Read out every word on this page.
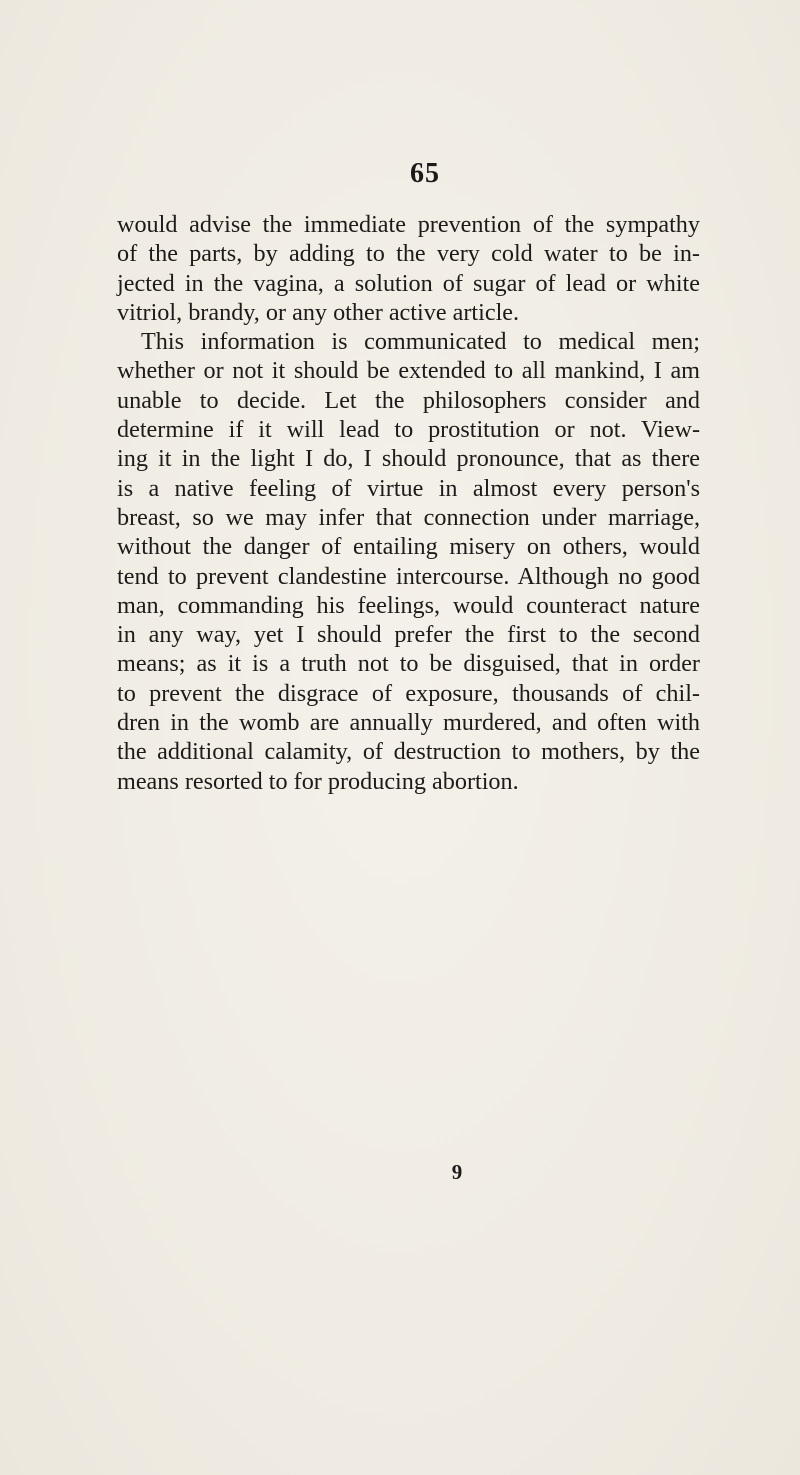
65
would advise the immediate prevention of the sympathy
of the parts, by adding to the very cold water to be in-
jected in the vagina, a solution of sugar of lead or white
vitriol, brandy, or any other active article.
This information is communicated to medical men;
whether or not it should be extended to all mankind, I am
unable to decide. Let the philosophers consider and
determine if it will lead to prostitution or not. View-
ing it in the light I do, I should pronounce, that as there
is a native feeling of virtue in almost every person's
breast, so we may infer that connection under marriage,
without the danger of entailing misery on others, would
tend to prevent clandestine intercourse. Although no good
man, commanding his feelings, would counteract nature
in any way, yet I should prefer the first to the second
means; as it is a truth not to be disguised, that in order
to prevent the disgrace of exposure, thousands of chil-
dren in the womb are annually murdered, and often with
the additional calamity, of destruction to mothers, by the
means resorted to for producing abortion.
9
